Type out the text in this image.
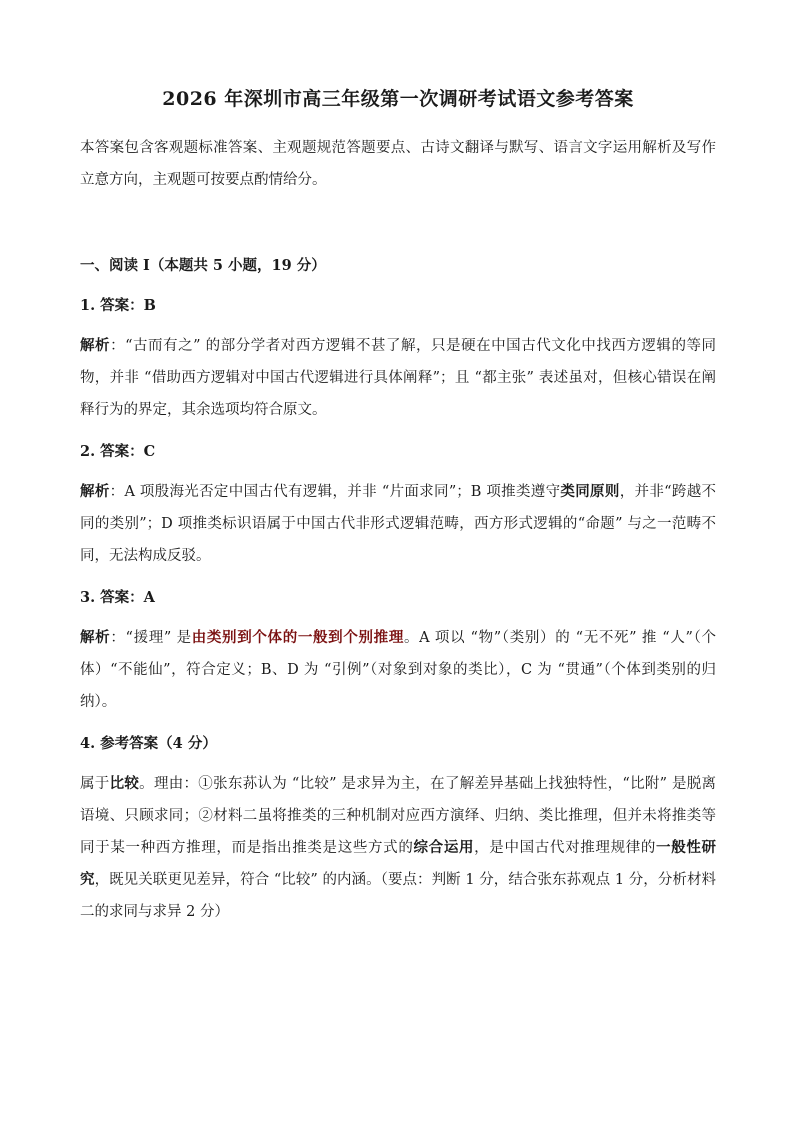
2026 年深圳市高三年级第一次调研考试语文参考答案

本答案包含客观题标准答案、主观题规范答题要点、古诗文翻译与默写、语言文字运用解析及写作立意方向，主观题可按要点酌情给分。

一、阅读 I（本题共 5 小题，19 分）

1. 答案：B

解析：“古而有之” 的部分学者对西方逻辑不甚了解，只是硬在中国古代文化中找西方逻辑的等同物，并非 “借助西方逻辑对中国古代逻辑进行具体阐释”；且 “都主张” 表述虽对，但核心错误在阐释行为的界定，其余选项均符合原文。

2. 答案：C

解析：A 项殷海光否定中国古代有逻辑，并非 “片面求同”；B 项推类遵守类同原则，并非“跨越不同的类别”；D 项推类标识语属于中国古代非形式逻辑范畴，西方形式逻辑的“命题” 与之一范畴不同，无法构成反驳。

3. 答案：A

解析：“援理” 是由类别到个体的一般到个别推理。A 项以 “物”（类别）的 “无不死” 推 “人”（个体）“不能仙”，符合定义；B、D 为 “引例”（对象到对象的类比），C 为 “贯通”（个体到类别的归纳）。

4. 参考答案（4 分）

属于比较。理由：①张东荪认为 “比较” 是求异为主，在了解差异基础上找独特性，“比附” 是脱离语境、只顾求同；②材料二虽将推类的三种机制对应西方演绎、归纳、类比推理，但并未将推类等同于某一种西方推理，而是指出推类是这些方式的综合运用，是中国古代对推理规律的一般性研究，既见关联更见差异，符合 “比较” 的内涵。（要点：判断 1 分，结合张东荪观点 1 分，分析材料二的求同与求异 2 分）
